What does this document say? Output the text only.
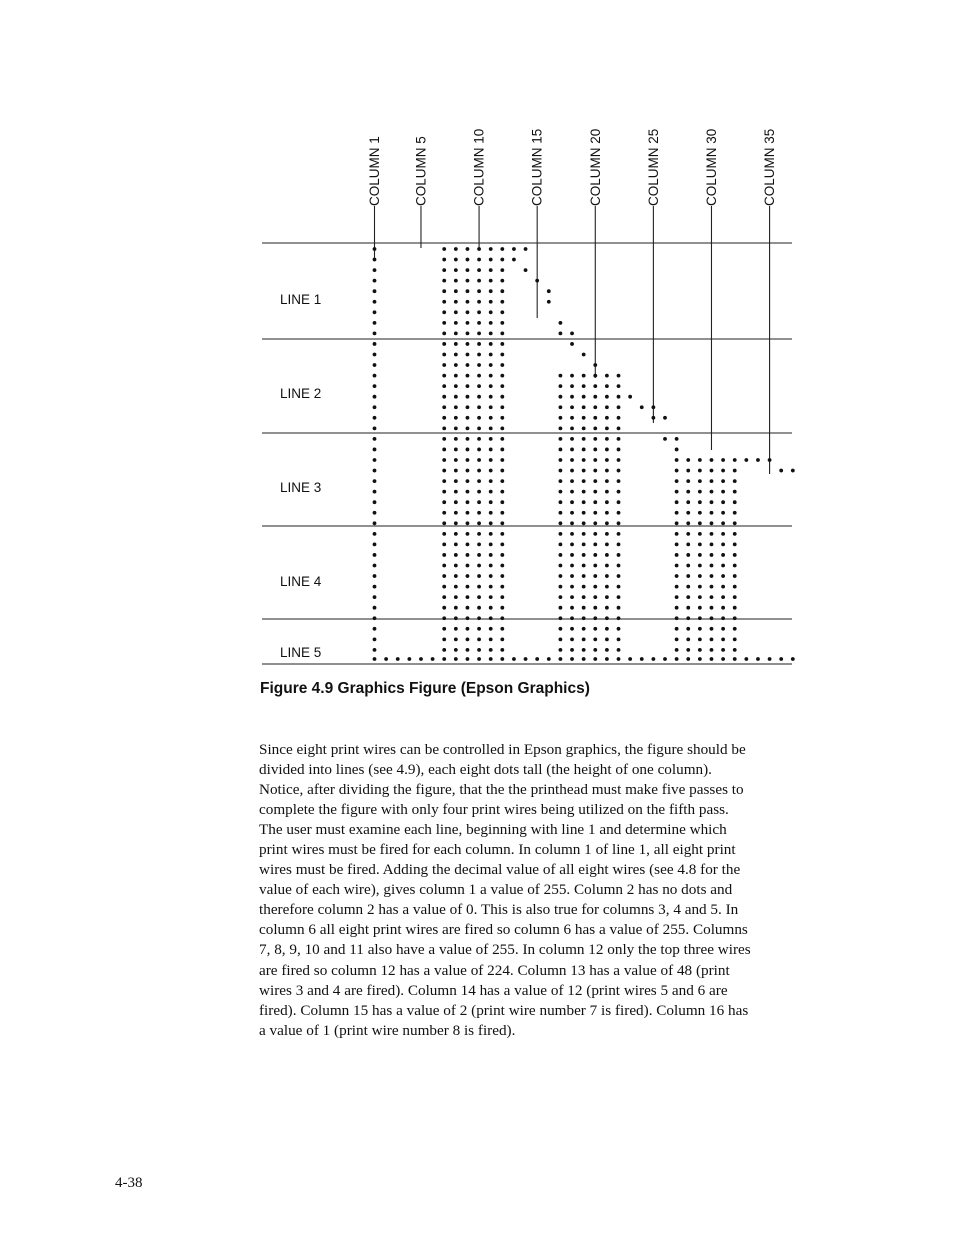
COLUMN 1 COLUMN 5	COLUMN 10	COLUMN 15	COLUMN 20	COLUMN 25	COLUMN 30	COLUMN 35
LINE 1
LINE 2
LINE 3
LINE 4
LINE 5

Figure 4.9 Graphics Figure (Epson Graphics)

Since eight print wires can be controlled in Epson graphics, the figure should be
divided into lines (see 4.9), each eight dots tall (the height of one column).
Notice, after dividing the figure, that the the printhead must make five passes to
complete the figure with only four print wires being utilized on the fifth pass.
The user must examine each line, beginning with line 1 and determine which
print wires must be fired for each column. In column 1 of line 1, all eight print
wires must be fired. Adding the decimal value of all eight wires (see 4.8 for the
value of each wire), gives column 1 a value of 255. Column 2 has no dots and
therefore column 2 has a value of 0. This is also true for columns 3, 4 and 5. In
column 6 all eight print wires are fired so column 6 has a value of 255. Columns
7, 8, 9, 10 and 11 also have a value of 255. In column 12 only the top three wires
are fired so column 12 has a value of 224. Column 13 has a value of 48 (print
wires 3 and 4 are fired). Column 14 has a value of 12 (print wires 5 and 6 are
fired). Column 15 has a value of 2 (print wire number 7 is fired). Column 16 has
a value of 1 (print wire number 8 is fired).

4-38
